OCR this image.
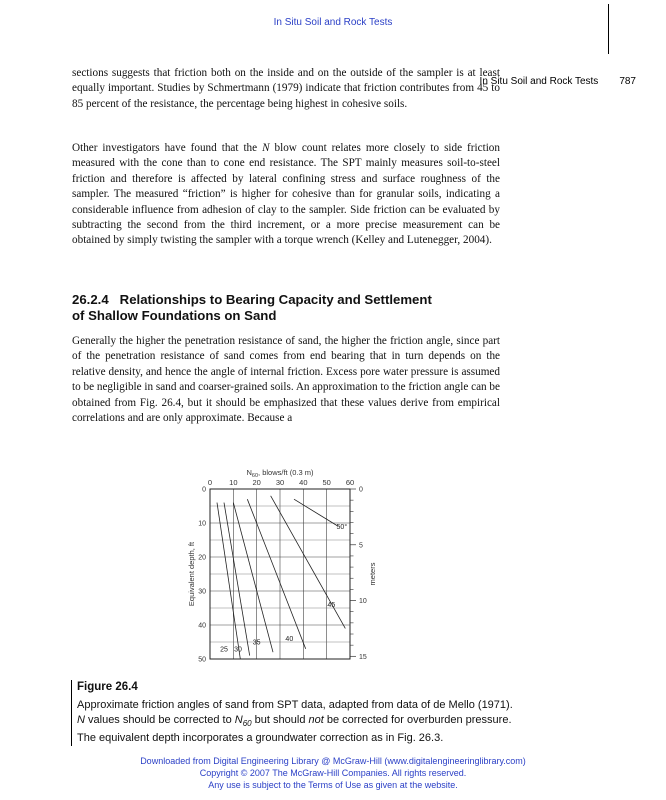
In Situ Soil and Rock Tests
In Situ Soil and Rock Tests 787
sections suggests that friction both on the inside and on the outside of the sampler is at least equally important. Studies by Schmertmann (1979) indicate that friction contributes from 45 to 85 percent of the resistance, the percentage being highest in cohesive soils.
Other investigators have found that the N blow count relates more closely to side friction measured with the cone than to cone end resistance. The SPT mainly measures soil-to-steel friction and therefore is affected by lateral confining stress and surface roughness of the sampler. The measured “friction” is higher for cohesive than for granular soils, indicating a considerable influence from adhesion of clay to the sampler. Side friction can be evaluated by subtracting the second from the third increment, or a more precise measurement can be obtained by simply twisting the sampler with a torque wrench (Kelley and Lutenegger, 2004).
26.2.4 Relationships to Bearing Capacity and Settlement
of Shallow Foundations on Sand
Generally the higher the penetration resistance of sand, the higher the friction angle, since part of the penetration resistance of sand comes from end bearing that in turn depends on the relative density, and hence the angle of internal friction. Excess pore water pressure is assumed to be negligible in sand and coarser-grained soils. An approximation to the friction angle can be obtained from Fig. 26.4, but it should be emphasized that these values derive from empirical correlations and are only approximate. Because a
0 10 20 30 40 50 60
0
10
20
30
40
50
0
5
10
15
25 30
35	40
45
50°
$N_{60}$, blows/ft (0.3 m)
Equivalent depth, ft	meters
Figure 26.4
Approximate friction angles of sand from SPT data, adapted from data of de Mello (1971).
N values should be corrected to $N_{60}$ but should not be corrected for overburden pressure.
The equivalent depth incorporates a groundwater correction as in Fig. 26.3.
Downloaded from Digital Engineering Library @ McGraw-Hill (www.digitalengineeringlibrary.com)
Copyright © 2007 The McGraw-Hill Companies. All rights reserved.
Any use is subject to the Terms of Use as given at the website.
